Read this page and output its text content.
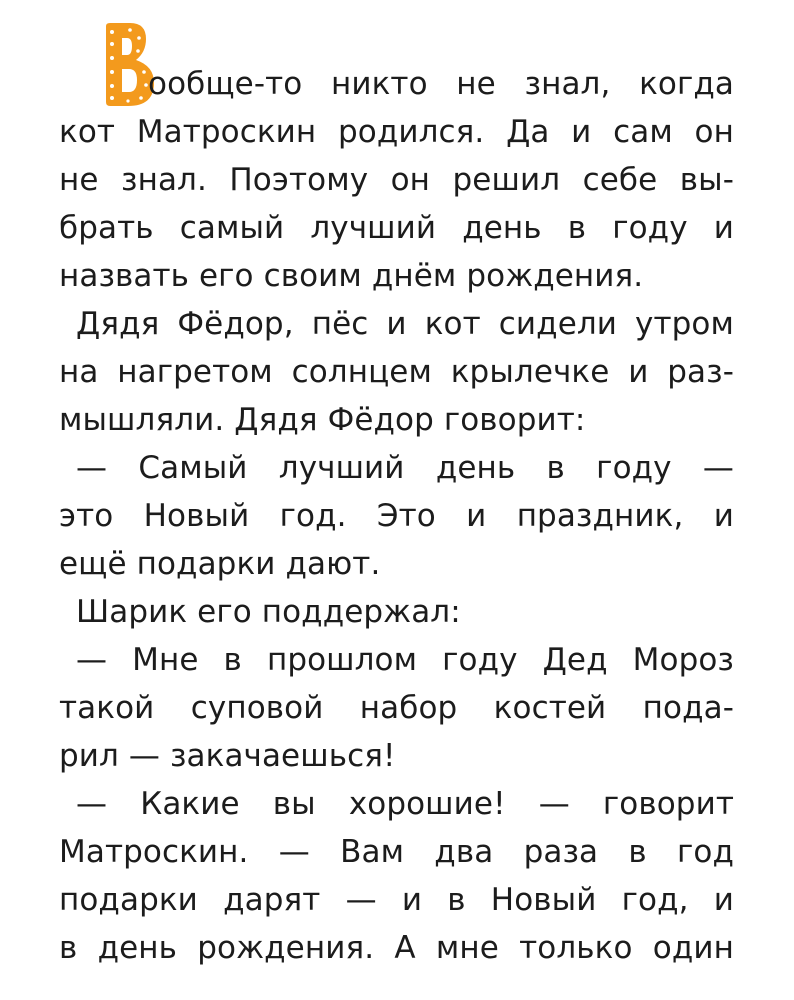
ообще-то никто не знал, когда
кот Матроскин родился. Да и сам он
не знал. Поэтому он решил себе вы-
брать самый лучший день в году и
назвать его своим днём рождения.
Дядя Фёдор, пёс и кот сидели утром
на нагретом солнцем крылечке и раз-
мышляли. Дядя Фёдор говорит:
— Самый лучший день в году —
это Новый год. Это и праздник, и
ещё подарки дают.
Шарик его поддержал:
— Мне в прошлом году Дед Мороз
такой суповой набор костей пода-
рил — закачаешься!
— Какие вы хорошие! — говорит
Матроскин. — Вам два раза в год
подарки дарят — и в Новый год, и
в день рождения. А мне только один
